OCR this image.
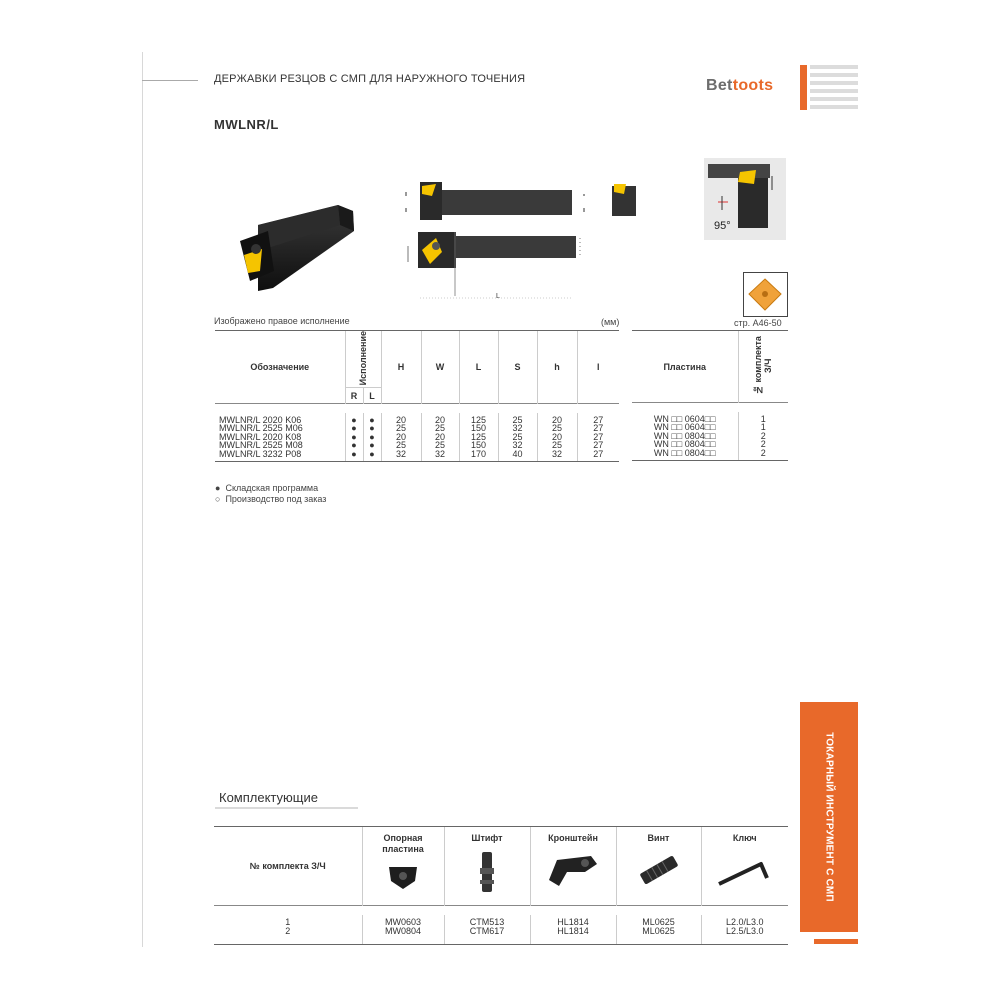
ДЕРЖАВКИ РЕЗЦОВ С СМП ДЛЯ НАРУЖНОГО ТОЧЕНИЯ	Bettoots
MWLNR/L
L
95°
Изображено правое исполнение	(мм)	стр. A46-50
Обозначение	Исполнение		H	W	L	S	h	l
	R	L						

MWLNR/L 2020 K06	●	●	20	20	125	25	20	27
MWLNR/L 2525 M06	●	●	25	25	150	32	25	27
MWLNR/L 2020 K08	●	●	20	20	125	25	20	27
MWLNR/L 2525 M08	●	●	25	25	150	32	25	27
MWLNR/L 3232 P08	●	●	32	32	170	40	32	27
Пластина	№ комплекта З/Ч

WN □□ 0604□□	1
WN □□ 0604□□	1
WN □□ 0804□□	2
WN □□ 0804□□	2
WN □□ 0804□□	2
● Складская программа
○ Производство под заказ
ТОКАРНЫЙ ИНСТРУМЕНТ С СМП
Комплектующие
№ комплекта З/Ч	Опорная
пластина	Штифт	Кронштейн	Винт	Ключ

1	MW0603	CTM513	HL1814	ML0625	L2.0/L3.0
2	MW0804	CTM617	HL1814	ML0625	L2.5/L3.0
